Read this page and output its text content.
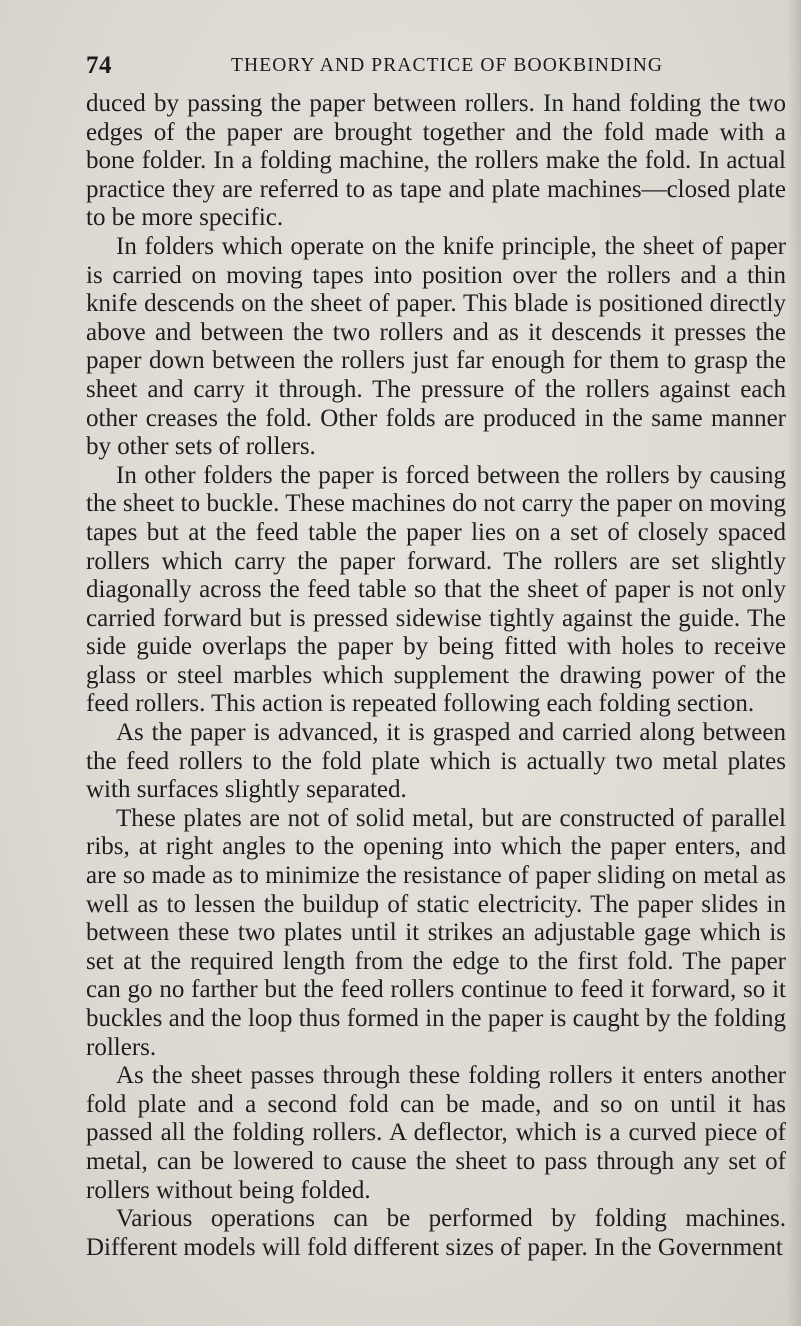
74	THEORY AND PRACTICE OF BOOKBINDING

duced by passing the paper between rollers. In hand folding the two edges of the paper are brought together and the fold made with a bone folder. In a folding machine, the rollers make the fold. In actual practice they are referred to as tape and plate machines—closed plate to be more specific.

In folders which operate on the knife principle, the sheet of paper is carried on moving tapes into position over the rollers and a thin knife descends on the sheet of paper. This blade is positioned directly above and between the two rollers and as it descends it presses the paper down between the rollers just far enough for them to grasp the sheet and carry it through. The pressure of the rollers against each other creases the fold. Other folds are produced in the same manner by other sets of rollers.

In other folders the paper is forced between the rollers by causing the sheet to buckle. These machines do not carry the paper on moving tapes but at the feed table the paper lies on a set of closely spaced rollers which carry the paper forward. The rollers are set slightly diagonally across the feed table so that the sheet of paper is not only carried forward but is pressed sidewise tightly against the guide. The side guide overlaps the paper by being fitted with holes to receive glass or steel marbles which supplement the drawing power of the feed rollers. This action is repeated following each folding section.

As the paper is advanced, it is grasped and carried along between the feed rollers to the fold plate which is actually two metal plates with surfaces slightly separated.

These plates are not of solid metal, but are constructed of parallel ribs, at right angles to the opening into which the paper enters, and are so made as to minimize the resistance of paper sliding on metal as well as to lessen the buildup of static electricity. The paper slides in between these two plates until it strikes an adjustable gage which is set at the required length from the edge to the first fold. The paper can go no farther but the feed rollers continue to feed it forward, so it buckles and the loop thus formed in the paper is caught by the folding rollers.

As the sheet passes through these folding rollers it enters another fold plate and a second fold can be made, and so on until it has passed all the folding rollers. A deflector, which is a curved piece of metal, can be lowered to cause the sheet to pass through any set of rollers without being folded.

Various operations can be performed by folding machines. Different models will fold different sizes of paper. In the Government
